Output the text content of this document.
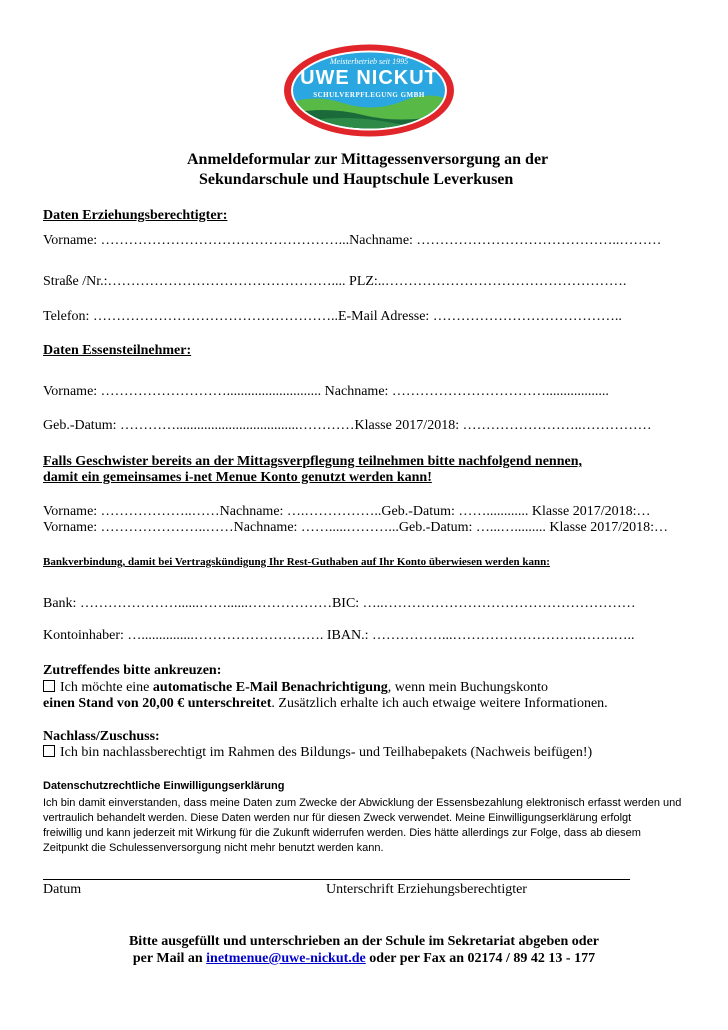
Meisterbetrieb seit 1995
UWE NICKUT
SCHULVERPFLEGUNG GMBH
Anmeldeformular zur Mittagessenversorgung an der
Sekundarschule und Hauptschule Leverkusen
Daten Erziehungsberechtigter:
Vorname: ……………………………………………...Nachname: ……………………………………..………
Straße /Nr.:………………………………………….... PLZ:..…………………………………………….
Telefon: ……………………………………………..E-Mail Adresse: …………………………………..
Daten Essensteilnehmer:
Vorname: ………………………........................... Nachname: ……………………………..................
Geb.-Datum: …………...................................…………Klasse 2017/2018: ……………………..……………
Falls Geschwister bereits an der Mittagsverpflegung teilnehmen bitte nachfolgend nennen,
damit ein gemeinsames i-net Menue Konto genutzt werden kann!
Vorname: ………………..……Nachname: ….……………..Geb.-Datum: ……............ Klasse 2017/2018:…
Vorname: …………………..……Nachname: …….....………...Geb.-Datum: …...…......... Klasse 2017/2018:…
Bankverbindung, damit bei Vertragskündigung Ihr Rest-Guthaben auf Ihr Konto überwiesen werden kann:
Bank: …………………......……......………………BIC: …..………………………………………………
Kontoinhaber: …...............………………………. IBAN.: ……………...……………………….…….…..
Zutreffendes bitte ankreuzen:
Ich möchte eine automatische E-Mail Benachrichtigung, wenn mein Buchungskonto
einen Stand von 20,00 € unterschreitet. Zusätzlich erhalte ich auch etwaige weitere Informationen.
Nachlass/Zuschuss:
Ich bin nachlassberechtigt im Rahmen des Bildungs- und Teilhabepakets (Nachweis beifügen!)
Datenschutzrechtliche Einwilligungserklärung
Ich bin damit einverstanden, dass meine Daten zum Zwecke der Abwicklung der Essensbezahlung elektronisch erfasst werden und
vertraulich behandelt werden. Diese Daten werden nur für diesen Zweck verwendet. Meine Einwilligungserklärung erfolgt
freiwillig und kann jederzeit mit Wirkung für die Zukunft widerrufen werden. Dies hätte allerdings zur Folge, dass ab diesem
Zeitpunkt die Schulessenversorgung nicht mehr benutzt werden kann.
Datum	Unterschrift Erziehungsberechtigter
Bitte ausgefüllt und unterschrieben an der Schule im Sekretariat abgeben oder
per Mail an inetmenue@uwe-nickut.de oder per Fax an 02174 / 89 42 13 - 177
